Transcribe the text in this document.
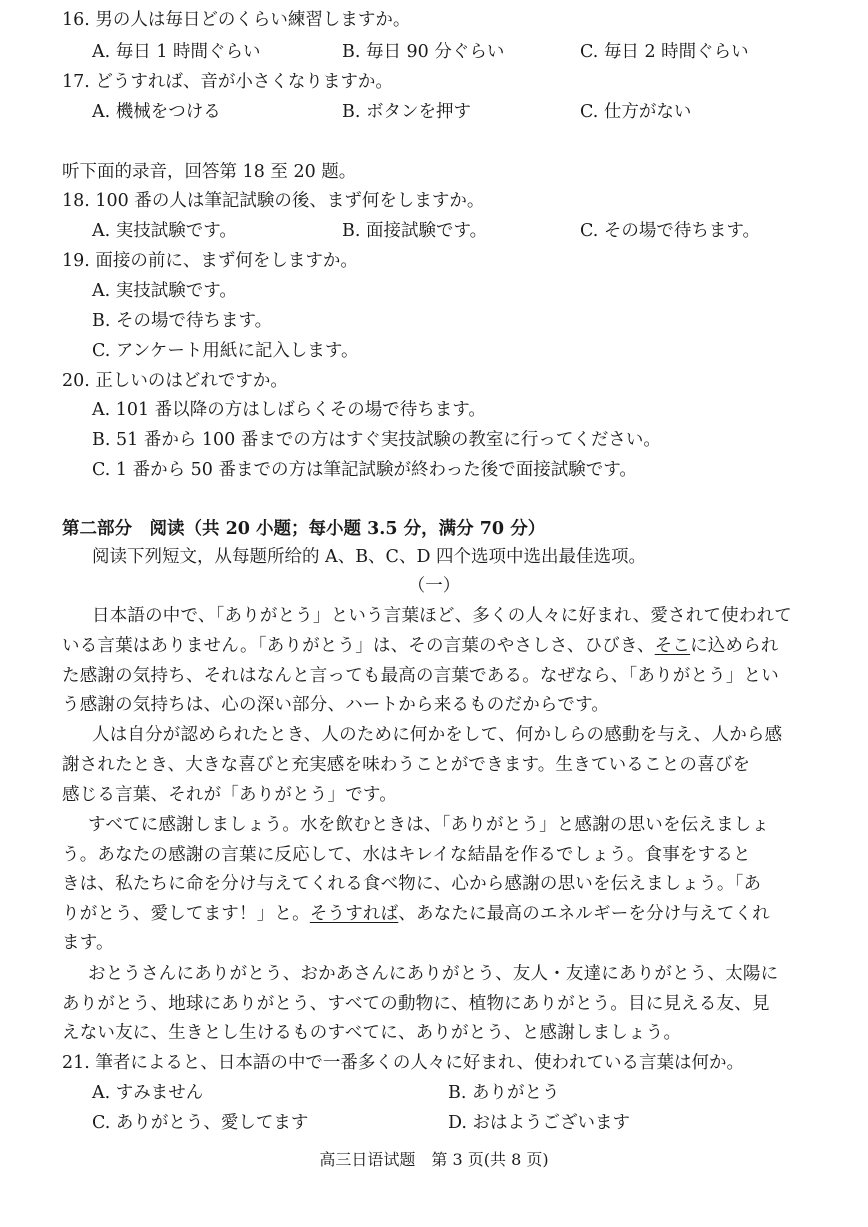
16. 男の人は毎日どのくらい練習しますか。
A. 毎日 1 時間ぐらい	B. 毎日 90 分ぐらい	C. 毎日 2 時間ぐらい
17. どうすれば、音が小さくなりますか。
A. 機械をつける	B. ボタンを押す	C. 仕方がない
听下面的录音，回答第 18 至 20 题。
18. 100 番の人は筆記試験の後、まず何をしますか。
A. 実技試験です。	B. 面接試験です。	C. その場で待ちます。
19. 面接の前に、まず何をしますか。
A. 実技試験です。
B. その場で待ちます。
C. アンケート用紙に記入します。
20. 正しいのはどれですか。
A. 101 番以降の方はしばらくその場で待ちます。
B. 51 番から 100 番までの方はすぐ実技試験の教室に行ってください。
C. 1 番から 50 番までの方は筆記試験が終わった後で面接試験です。
第二部分　阅读（共 20 小题；每小题 3.5 分，满分 70 分）
阅读下列短文，从每题所给的 A、B、C、D 四个选项中选出最佳选项。
（一）
日本語の中で、「ありがとう」という言葉ほど、多くの人々に好まれ、愛されて使われて
いる言葉はありません。「ありがとう」は、その言葉のやさしさ、ひびき、そこに込められ
た感謝の気持ち、それはなんと言っても最高の言葉である。なぜなら、「ありがとう」とい
う感謝の気持ちは、心の深い部分、ハートから来るものだからです。
人は自分が認められたとき、人のために何かをして、何かしらの感動を与え、人から感
謝されたとき、大きな喜びと充実感を味わうことができます。生きていることの喜びを
感じる言葉、それが「ありがとう」です。
すべてに感謝しましょう。水を飲むときは、「ありがとう」と感謝の思いを伝えましょ
う。あなたの感謝の言葉に反応して、水はキレイな結晶を作るでしょう。食事をすると
きは、私たちに命を分け与えてくれる食べ物に、心から感謝の思いを伝えましょう。「あ
りがとう、愛してます！」と。そうすれば、あなたに最高のエネルギーを分け与えてくれ
ます。
おとうさんにありがとう、おかあさんにありがとう、友人・友達にありがとう、太陽に
ありがとう、地球にありがとう、すべての動物に、植物にありがとう。目に見える友、見
えない友に、生きとし生けるものすべてに、ありがとう、と感謝しましょう。
21. 筆者によると、日本語の中で一番多くの人々に好まれ、使われている言葉は何か。
A. すみません	B. ありがとう
C. ありがとう、愛してます	D. おはようございます
高三日语试题　第 3 页(共 8 页)
